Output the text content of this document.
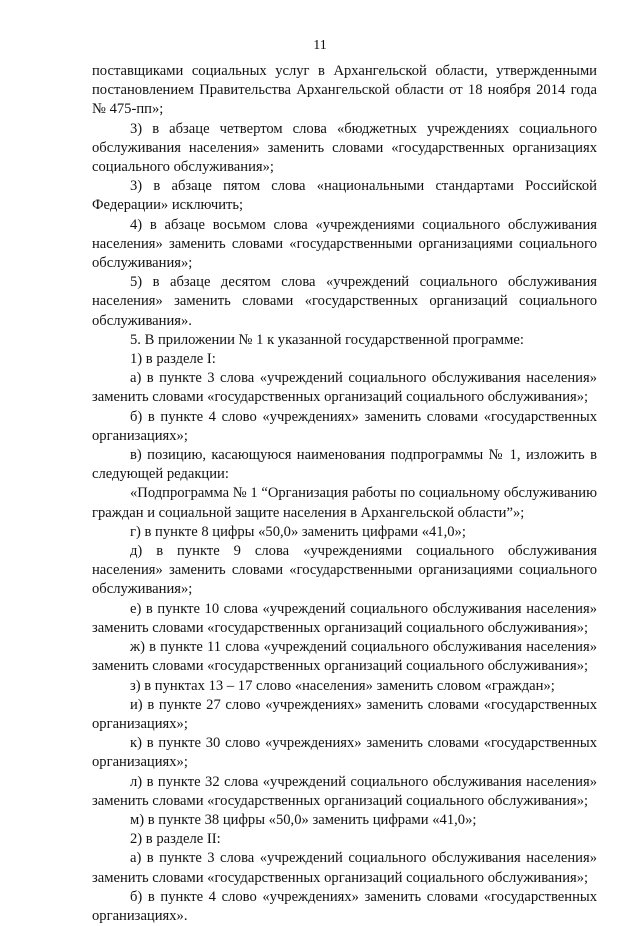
11

поставщиками социальных услуг в Архангельской области, утвержденными постановлением Правительства Архангельской области от 18 ноября 2014 года № 475-пп»;

3) в абзаце четвертом слова «бюджетных учреждениях социального обслуживания населения» заменить словами «государственных организациях социального обслуживания»;

3) в абзаце пятом слова «национальными стандартами Российской Федерации» исключить;

4) в абзаце восьмом слова «учреждениями социального обслуживания населения» заменить словами «государственными организациями социального обслуживания»;

5) в абзаце десятом слова «учреждений социального обслуживания населения» заменить словами «государственных организаций социального обслуживания».

5. В приложении № 1 к указанной государственной программе:

1) в разделе I:

а) в пункте 3 слова «учреждений социального обслуживания населения» заменить словами «государственных организаций социального обслуживания»;

б) в пункте 4 слово «учреждениях» заменить словами «государственных организациях»;

в) позицию, касающуюся наименования подпрограммы № 1, изложить в следующей редакции:

«Подпрограмма № 1 “Организация работы по социальному обслуживанию граждан и социальной защите населения в Архангельской области”»;

г) в пункте 8 цифры «50,0» заменить цифрами «41,0»;

д) в пункте 9 слова «учреждениями социального обслуживания населения» заменить словами «государственными организациями социального обслуживания»;

е) в пункте 10 слова «учреждений социального обслуживания населения» заменить словами «государственных организаций социального обслуживания»;

ж) в пункте 11 слова «учреждений социального обслуживания населения» заменить словами «государственных организаций социального обслуживания»;

з) в пунктах 13 – 17 слово «населения» заменить словом «граждан»;

и) в пункте 27 слово «учреждениях» заменить словами «государственных организациях»;

к) в пункте 30 слово «учреждениях» заменить словами «государственных организациях»;

л) в пункте 32 слова «учреждений социального обслуживания населения» заменить словами «государственных организаций социального обслуживания»;

м) в пункте 38 цифры «50,0» заменить цифрами «41,0»;

2) в разделе II:

а) в пункте 3 слова «учреждений социального обслуживания населения» заменить словами «государственных организаций социального обслуживания»;

б) в пункте 4 слово «учреждениях» заменить словами «государственных организациях».
